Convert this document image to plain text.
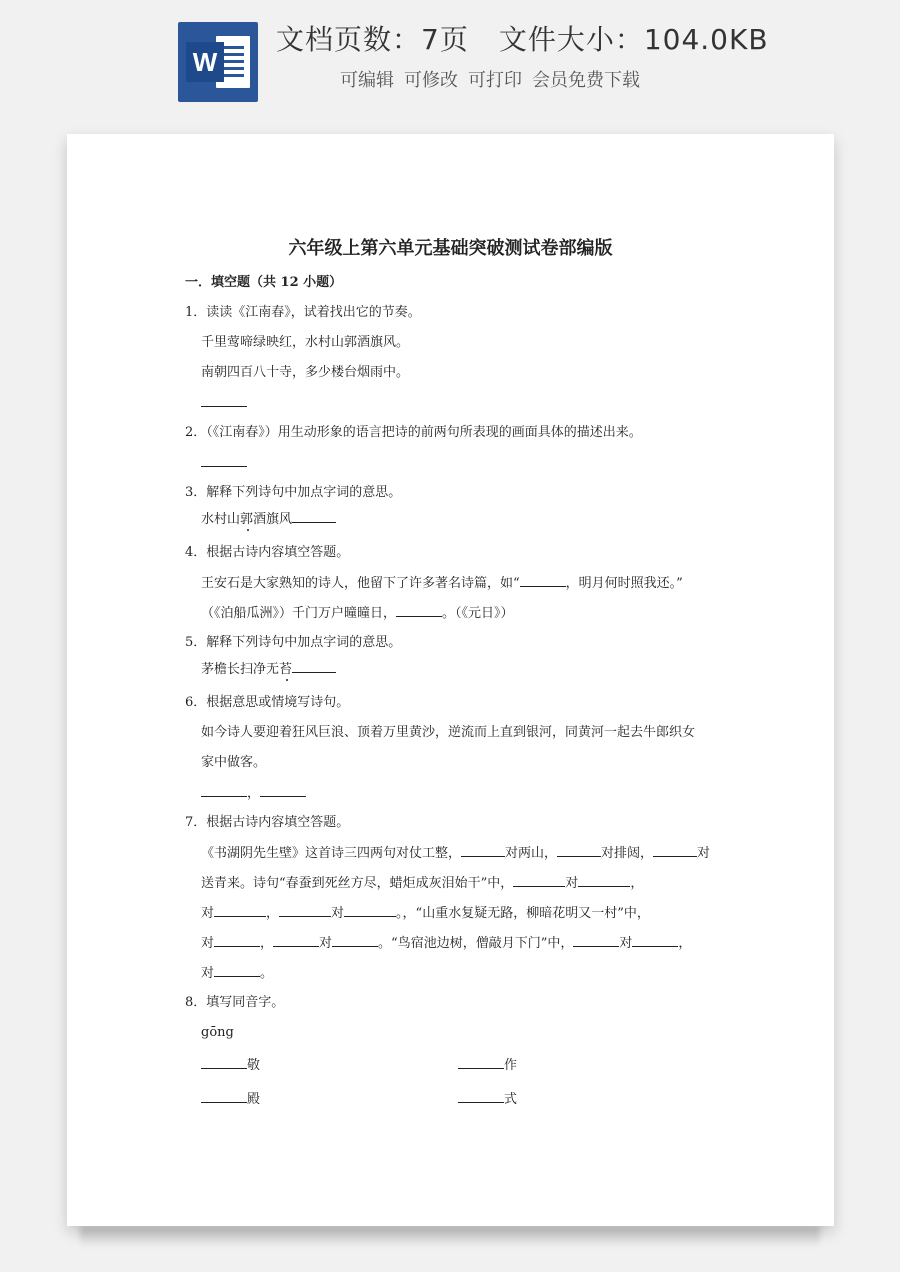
W
文档页数：7页 文件大小：104.0KB
可编辑 可修改 可打印 会员免费下载
六年级上第六单元基础突破测试卷部编版
一．填空题（共 12 小题）
1．读读《江南春》，试着找出它的节奏。
千里莺啼绿映红，水村山郭酒旗风。
南朝四百八十寺，多少楼台烟雨中。
2．（《江南春》）用生动形象的语言把诗的前两句所表现的画面具体的描述出来。
3．解释下列诗句中加点字词的意思。
水村山郭酒旗风
4．根据古诗内容填空答题。
王安石是大家熟知的诗人，他留下了许多著名诗篇，如“	，明月何时照我还。”
（《泊船瓜洲》）千门万户曈曈日，	。（《元日》）
5．解释下列诗句中加点字词的意思。
茅檐长扫净无苔
6．根据意思或情境写诗句。
如今诗人要迎着狂风巨浪、顶着万里黄沙，逆流而上直到银河，同黄河一起去牛郎织女
家中做客。
，
7．根据古诗内容填空答题。
《书湖阴先生壁》这首诗三四两句对仗工整，	对两山，	对排闼，	对
送青来。诗句“春蚕到死丝方尽，蜡炬成灰泪始干”中，	对	，
对	，	对	。，“山重水复疑无路，柳暗花明又一村”中，
对	，	对	。“鸟宿池边树，僧敲月下门”中，	对	，
对	。
8．填写同音字。
gōng
敬	作
殿	式
